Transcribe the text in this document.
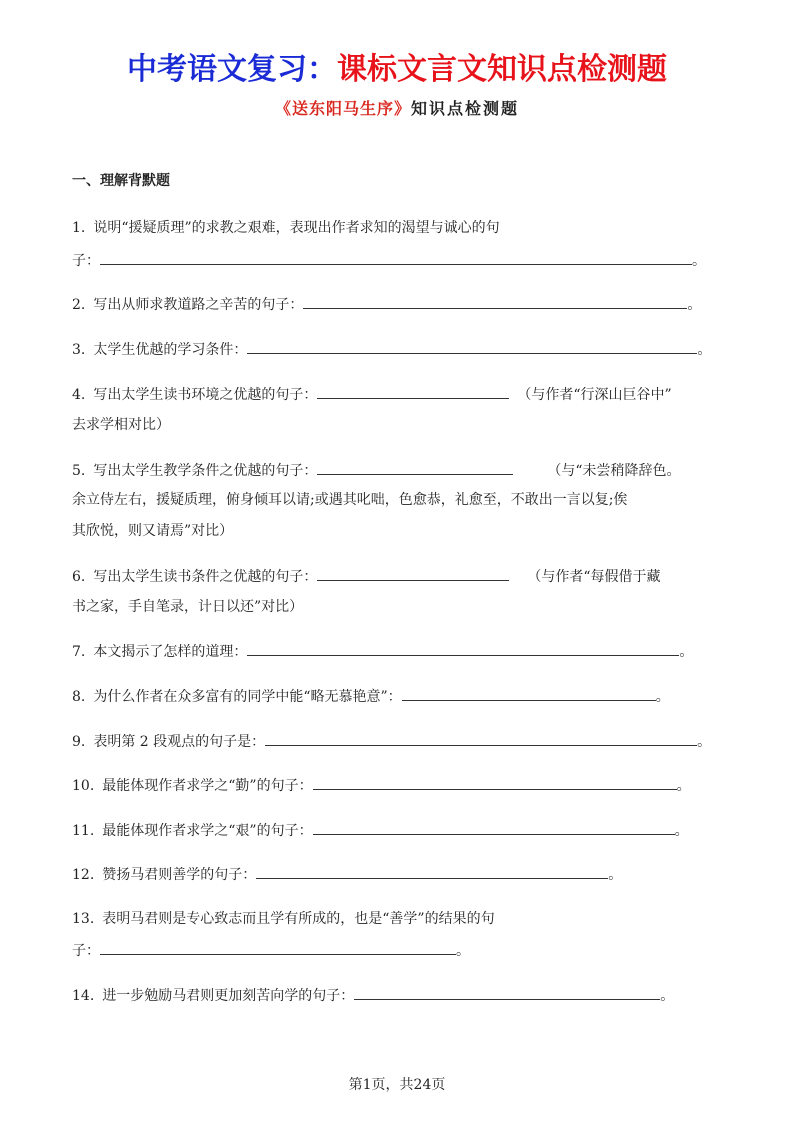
中考语文复习：课标文言文知识点检测题
《送东阳马生序》知识点检测题
一、理解背默题
1. 说明“援疑质理”的求教之艰难，表现出作者求知的渴望与诚心的句
子：	。
2. 写出从师求教道路之辛苦的句子：	。
3. 太学生优越的学习条件：	。
4. 写出太学生读书环境之优越的句子：	（与作者“行深山巨谷中”
去求学相对比）
5. 写出太学生教学条件之优越的句子：	（与“未尝稍降辞色。
余立侍左右，援疑质理，俯身倾耳以请;或遇其叱咄，色愈恭，礼愈至，不敢出一言以复;俟
其欣悦，则又请焉”对比）
6. 写出太学生读书条件之优越的句子：	（与作者“每假借于藏
书之家，手自笔录，计日以还”对比）
7. 本文揭示了怎样的道理：	。
8. 为什么作者在众多富有的同学中能“略无慕艳意”：	。
9. 表明第 2 段观点的句子是：	。
10. 最能体现作者求学之“勤”的句子：	。
11. 最能体现作者求学之“艰”的句子：	。
12. 赞扬马君则善学的句子：	。
13. 表明马君则是专心致志而且学有所成的，也是“善学”的结果的句
子：	。
14. 进一步勉励马君则更加刻苦向学的句子：	。
第1页，共24页
